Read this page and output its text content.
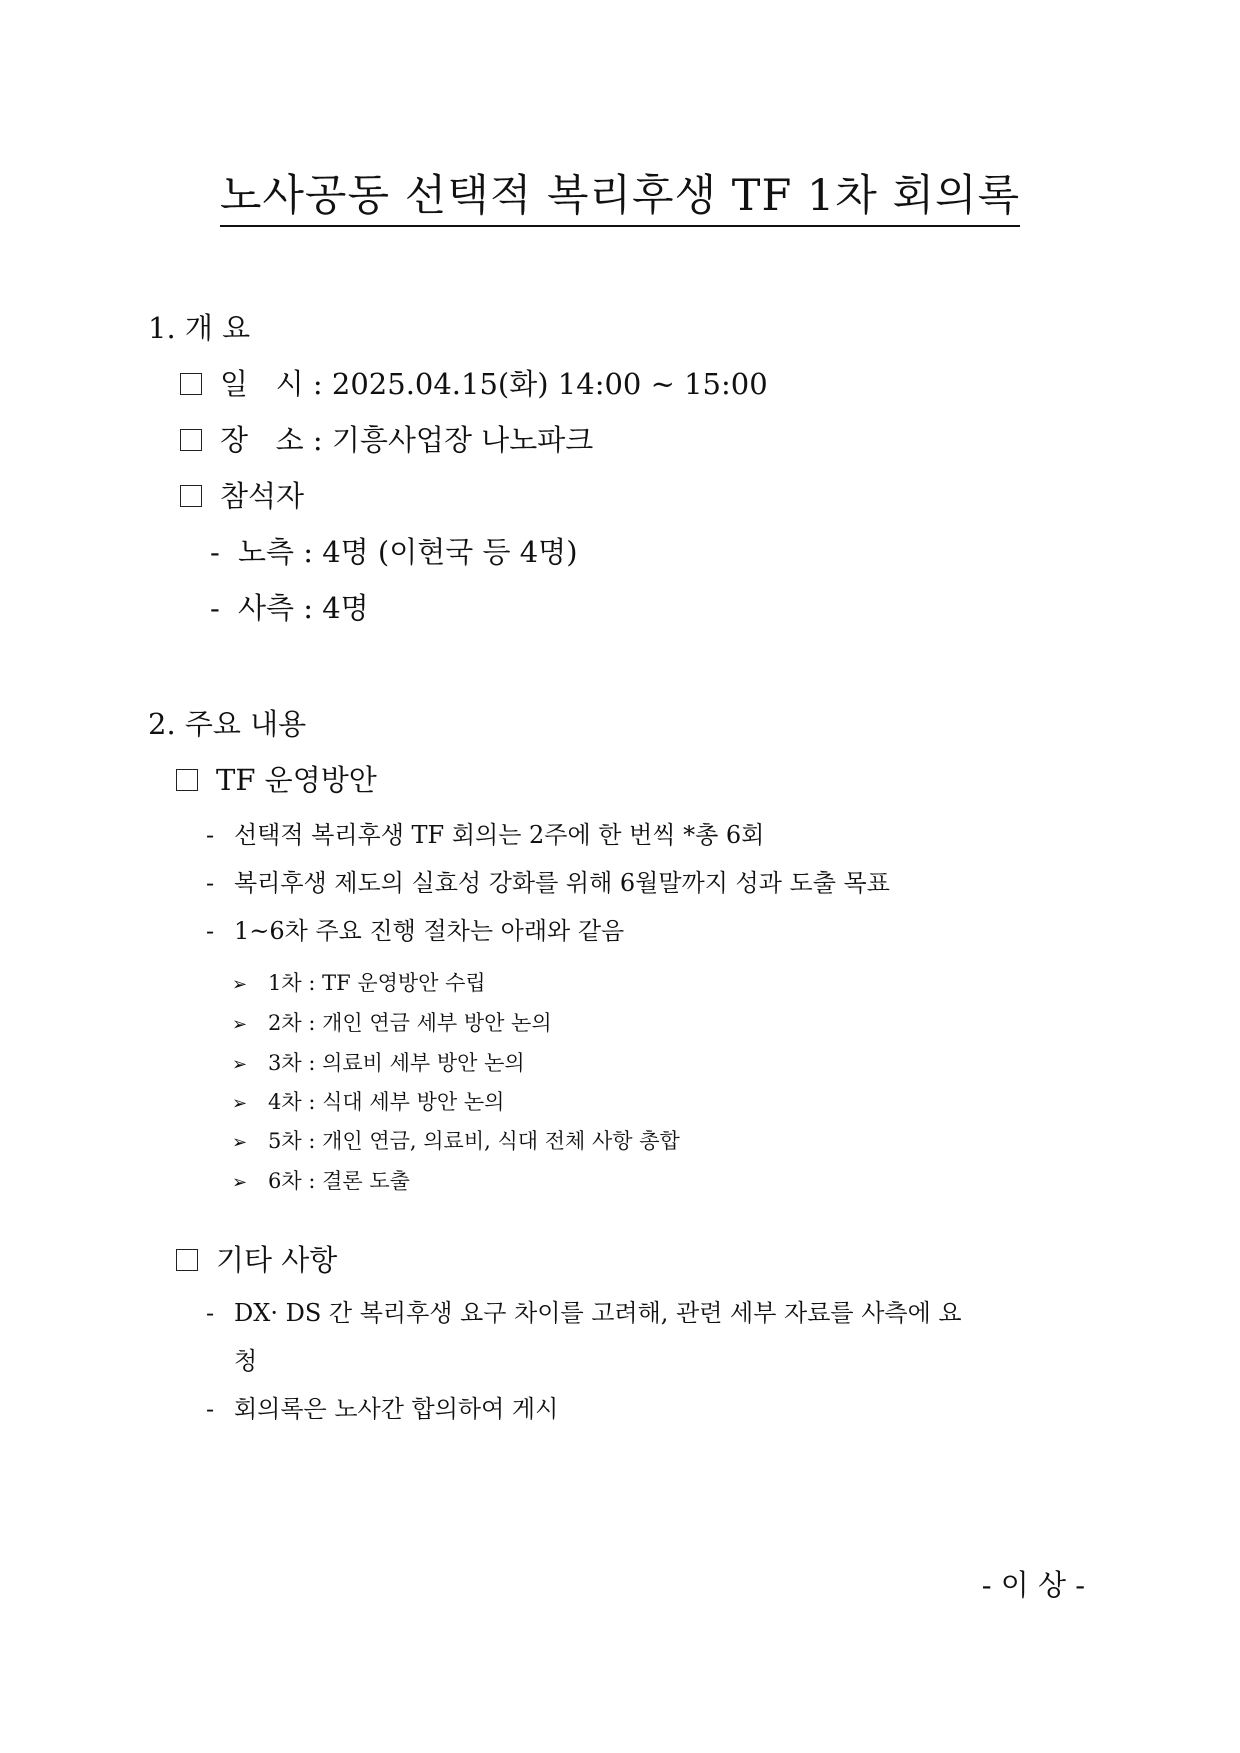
노사공동 선택적 복리후생 TF 1차 회의록
1. 개 요
일   시 : 2025.04.15(화) 14:00 ~ 15:00
장   소 : 기흥사업장 나노파크
참석자
- 노측 : 4명 (이현국 등 4명)
- 사측 : 4명
2. 주요 내용
TF 운영방안
- 선택적 복리후생 TF 회의는 2주에 한 번씩 *총 6회
- 복리후생 제도의 실효성 강화를 위해 6월말까지 성과 도출 목표
- 1~6차 주요 진행 절차는 아래와 같음
➢ 1차 : TF 운영방안 수립
➢ 2차 : 개인 연금 세부 방안 논의
➢ 3차 : 의료비 세부 방안 논의
➢ 4차 : 식대 세부 방안 논의
➢ 5차 : 개인 연금, 의료비, 식대 전체 사항 총합
➢ 6차 : 결론 도출
기타 사항
- DX· DS 간 복리후생 요구 차이를 고려해, 관련 세부 자료를 사측에 요
청
- 회의록은 노사간 합의하여 게시
- 이 상 -
